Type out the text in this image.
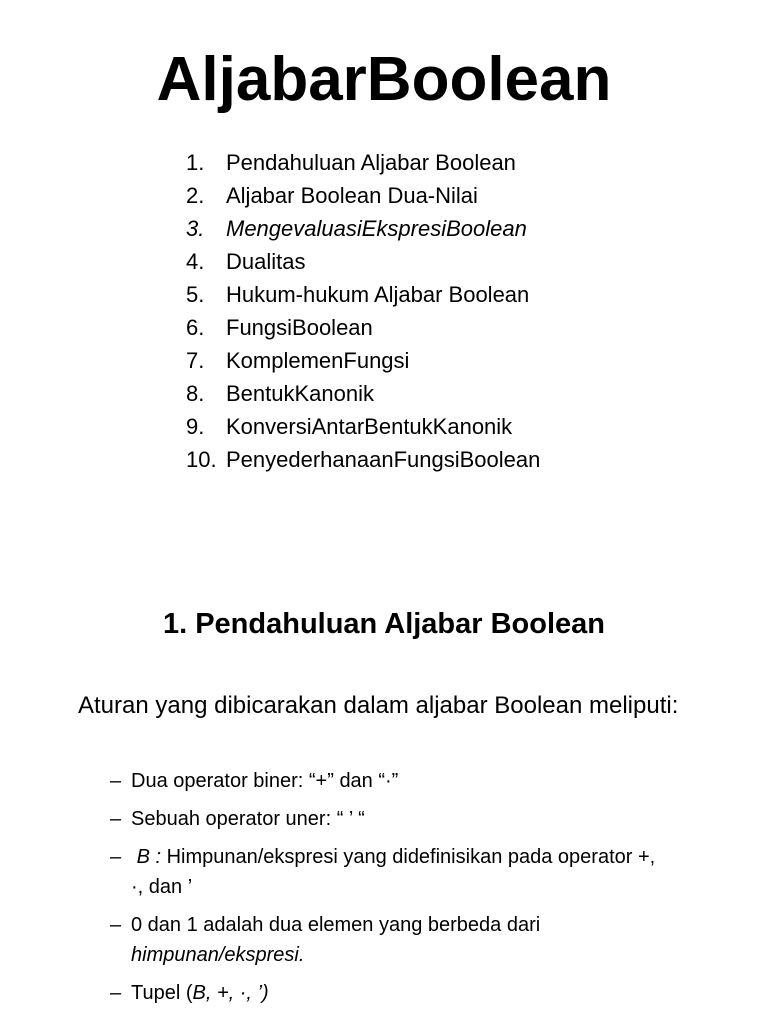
AljabarBoolean
1. Pendahuluan Aljabar Boolean
2. Aljabar Boolean Dua-Nilai
3. MengevaluasiEkspresiBoolean
4. Dualitas
5. Hukum-hukum Aljabar Boolean
6. FungsiBoolean
7. KomplemenFungsi
8. BentukKanonik
9. KonversiAntarBentukKanonik
10. PenyederhanaanFungsiBoolean
1. Pendahuluan Aljabar Boolean

Aturan yang dibicarakan dalam aljabar Boolean meliputi:

– Dua operator biner: “+” dan “·”
– Sebuah operator uner: “ ’ “
– B : Himpunan/ekspresi yang didefinisikan pada operator +, ·, dan ’
– 0 dan 1 adalah dua elemen yang berbeda dari himpunan/ekspresi.
– Tupel (B, +, ·, ’)
